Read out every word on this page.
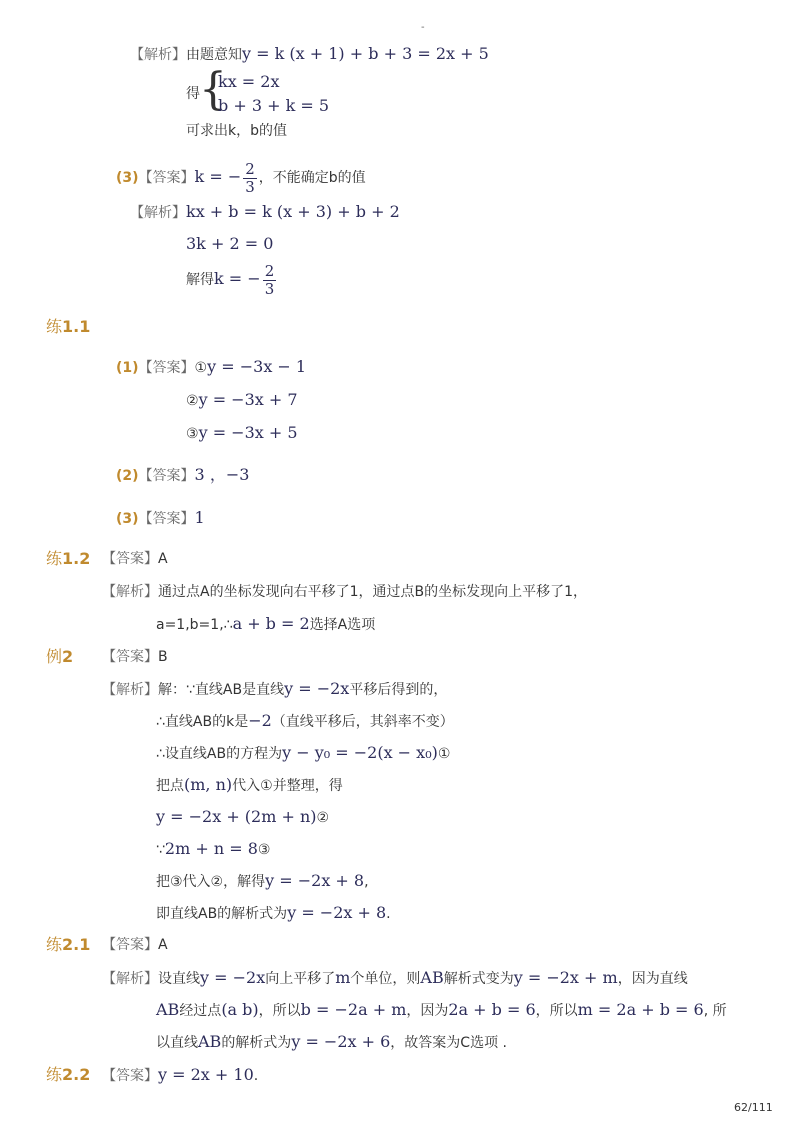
-
【解析】由题意知y = k (x + 1) + b + 3 = 2x + 5
得 {
kx = 2x
b + 3 + k = 5
可求出k，b的值
(3)【答案】k = − $\frac{2}{3}$ ，不能确定b的值
【解析】kx + b = k (x + 3) + b + 2
3k + 2 = 0
解得k = − $\frac{2}{3}$
练1.1
(1)【答案】①y = −3x − 1
②y = −3x + 7
③y = −3x + 5
(2)【答案】3 ，−3
(3)【答案】1
练1.2 【答案】A
【解析】通过点A的坐标发现向右平移了1，通过点B的坐标发现向上平移了1，
a=1,b=1,∴a + b = 2选择A选项
例2 【答案】B
【解析】解：∵直线AB是直线y = −2x平移后得到的，
∴直线AB的k是−2（直线平移后，其斜率不变）
∴设直线AB的方程为y − y₀ = −2(x − x₀)①
把点(m, n)代入①并整理，得
y = −2x + (2m + n)②
∵2m + n = 8③
把③代入②，解得y = −2x + 8,
即直线AB的解析式为y = −2x + 8.
练2.1 【答案】A
【解析】设直线y = −2x向上平移了m个单位，则AB解析式变为y = −2x + m，因为直线
AB经过点(a b)，所以b = −2a + m，因为2a + b = 6，所以m = 2a + b = 6, 所
以直线AB的解析式为y = −2x + 6，故答案为C选项 .
练2.2 【答案】y = 2x + 10.
62/111
